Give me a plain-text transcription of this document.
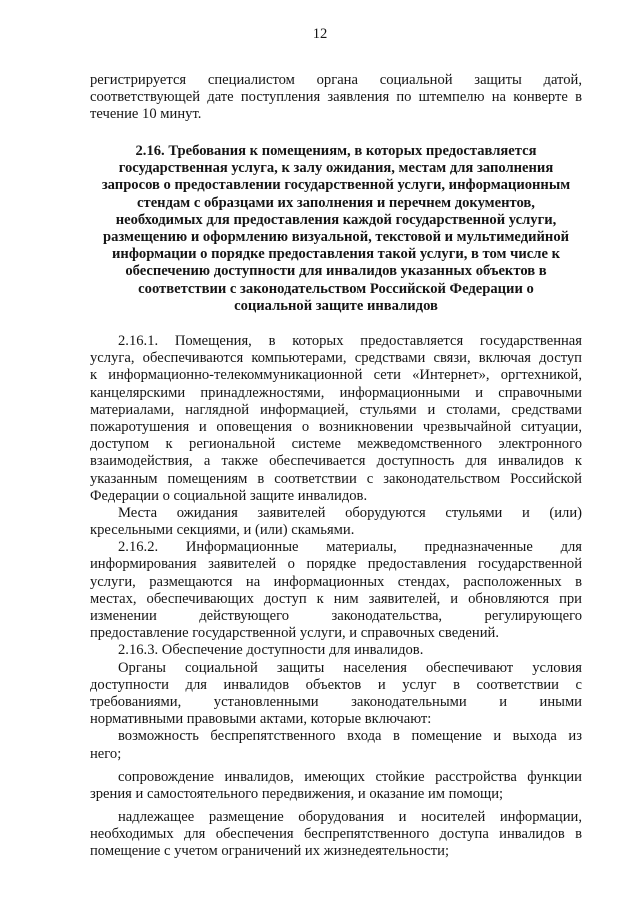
12
регистрируется специалистом органа социальной защиты датой,
соответствующей дате поступления заявления по штемпелю на конверте в
течение 10 минут.
2.16. Требования к помещениям, в которых предоставляется
государственная услуга, к залу ожидания, местам для заполнения
запросов о предоставлении государственной услуги, информационным
стендам с образцами их заполнения и перечнем документов,
необходимых для предоставления каждой государственной услуги,
размещению и оформлению визуальной, текстовой и мультимедийной
информации о порядке предоставления такой услуги, в том числе к
обеспечению доступности для инвалидов указанных объектов в
соответствии с законодательством Российской Федерации о
социальной защите инвалидов
2.16.1. Помещения, в которых предоставляется государственная
услуга, обеспечиваются компьютерами, средствами связи, включая доступ
к информационно-телекоммуникационной сети «Интернет», оргтехникой,
канцелярскими принадлежностями, информационными и справочными
материалами, наглядной информацией, стульями и столами, средствами
пожаротушения и оповещения о возникновении чрезвычайной ситуации,
доступом к региональной системе межведомственного электронного
взаимодействия, а также обеспечивается доступность для инвалидов к
указанным помещениям в соответствии с законодательством Российской
Федерации о социальной защите инвалидов.
Места ожидания заявителей оборудуются стульями и (или)
кресельными секциями, и (или) скамьями.
2.16.2. Информационные материалы, предназначенные для
информирования заявителей о порядке предоставления государственной
услуги, размещаются на информационных стендах, расположенных в
местах, обеспечивающих доступ к ним заявителей, и обновляются при
изменении действующего законодательства, регулирующего
предоставление государственной услуги, и справочных сведений.
2.16.3. Обеспечение доступности для инвалидов.
Органы социальной защиты населения обеспечивают условия
доступности для инвалидов объектов и услуг в соответствии с
требованиями, установленными законодательными и иными
нормативными правовыми актами, которые включают:
возможность беспрепятственного входа в помещение и выхода из
него;
сопровождение инвалидов, имеющих стойкие расстройства функции
зрения и самостоятельного передвижения, и оказание им помощи;
надлежащее размещение оборудования и носителей информации,
необходимых для обеспечения беспрепятственного доступа инвалидов в
помещение с учетом ограничений их жизнедеятельности;
